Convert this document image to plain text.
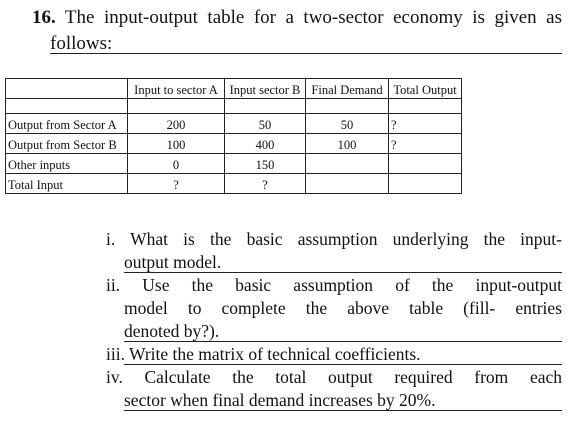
16. The input-output table for a two-sector economy is given as
follows:
	Input to sector A	Input sector B	Final Demand	Total Output

Output from Sector A	200	50	50	?
Output from Sector B	100	400	100	?
Other inputs	0	150		
Total Input	?	?		
i. What is the basic assumption underlying the input-
output model.
ii. Use the basic assumption of the input-output
model to complete the above table (fill- entries
denoted by?).
iii. Write the matrix of technical coefficients.
iv. Calculate the total output required from each
sector when final demand increases by 20%.
